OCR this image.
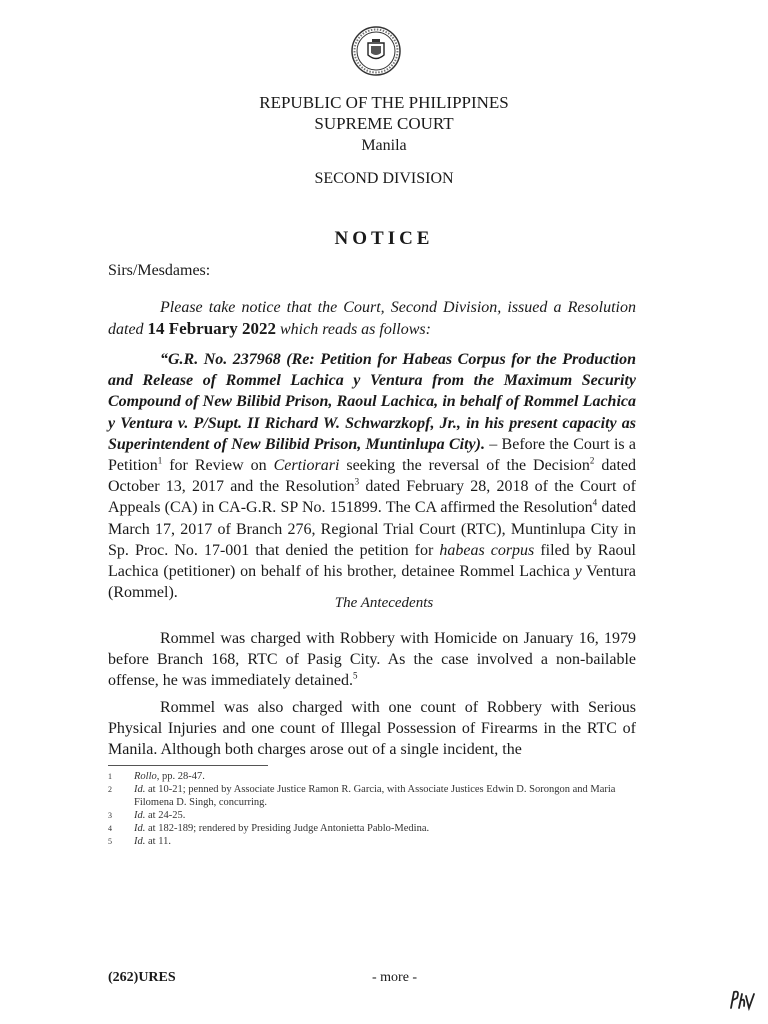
REPUBLIC OF THE PHILIPPINES
SUPREME COURT
Manila
SECOND DIVISION
NOTICE
Sirs/Mesdames:
Please take notice that the Court, Second Division, issued a Resolution dated 14 February 2022 which reads as follows:
“G.R. No. 237968 (Re: Petition for Habeas Corpus for the Production and Release of Rommel Lachica y Ventura from the Maximum Security Compound of New Bilibid Prison, Raoul Lachica, in behalf of Rommel Lachica y Ventura v. P/Supt. II Richard W. Schwarzkopf, Jr., in his present capacity as Superintendent of New Bilibid Prison, Muntinlupa City). – Before the Court is a Petition$^1$ for Review on Certiorari seeking the reversal of the Decision$^2$ dated October 13, 2017 and the Resolution$^3$ dated February 28, 2018 of the Court of Appeals (CA) in CA-G.R. SP No. 151899. The CA affirmed the Resolution$^4$ dated March 17, 2017 of Branch 276, Regional Trial Court (RTC), Muntinlupa City in Sp. Proc. No. 17-001 that denied the petition for habeas corpus filed by Raoul Lachica (petitioner) on behalf of his brother, detainee Rommel Lachica y Ventura (Rommel).
The Antecedents
Rommel was charged with Robbery with Homicide on January 16, 1979 before Branch 168, RTC of Pasig City. As the case involved a non-bailable offense, he was immediately detained.$^5$
Rommel was also charged with one count of Robbery with Serious Physical Injuries and one count of Illegal Possession of Firearms in the RTC of Manila. Although both charges arose out of a single incident, the
1 Rollo, pp. 28-47.
2 Id. at 10-21; penned by Associate Justice Ramon R. Garcia, with Associate Justices Edwin D. Sorongon and Maria Filomena D. Singh, concurring.
3 Id. at 24-25.
4 Id. at 182-189; rendered by Presiding Judge Antonietta Pablo-Medina.
5 Id. at 11.
(262)URES	- more -
